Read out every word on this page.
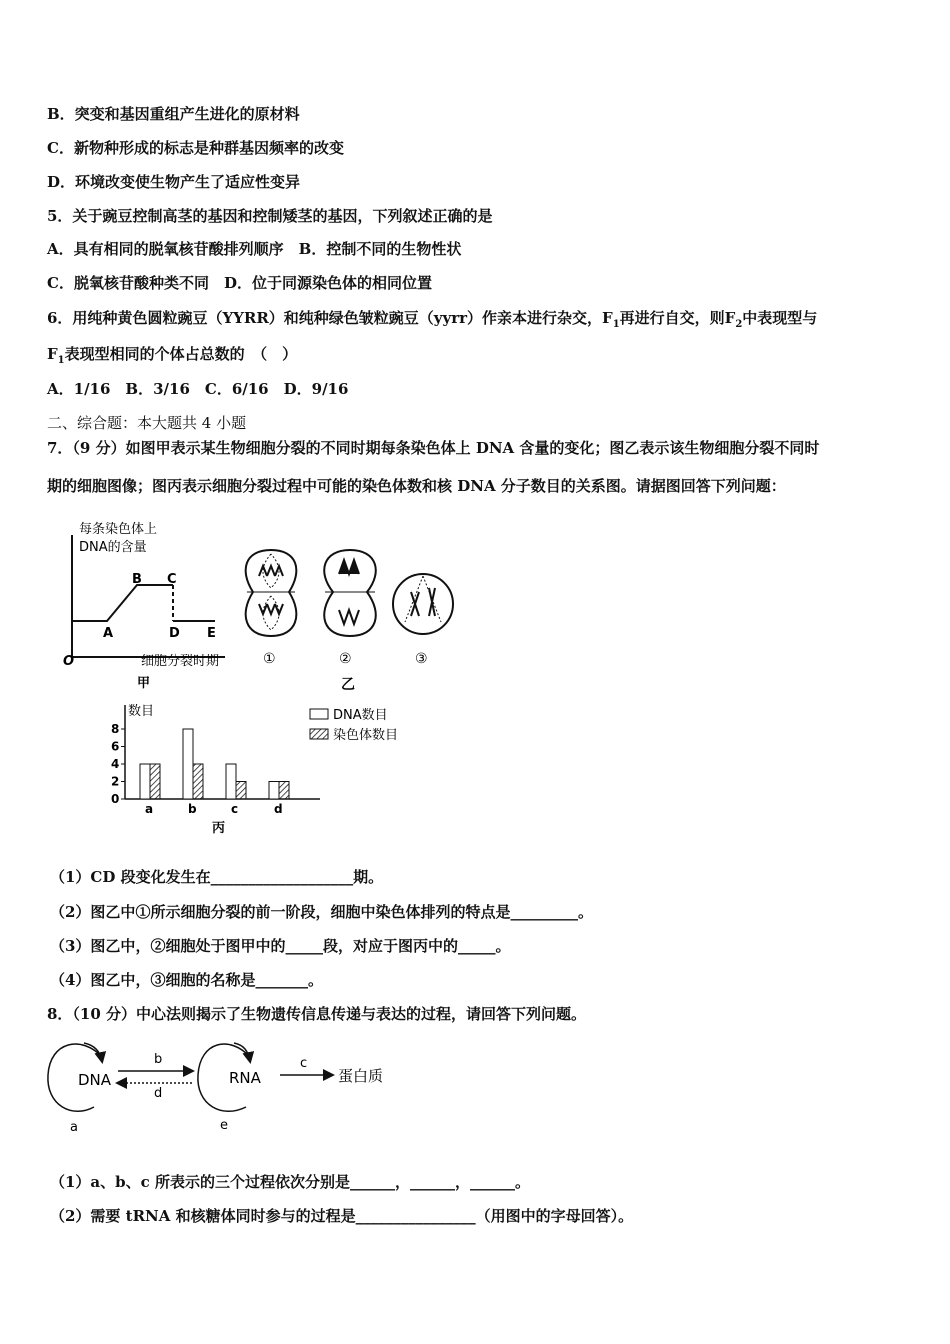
B．突变和基因重组产生进化的原材料
C．新物种形成的标志是种群基因频率的改变
D．环境改变使生物产生了适应性变异
5．关于豌豆控制高茎的基因和控制矮茎的基因，下列叙述正确的是
A．具有相同的脱氧核苷酸排列顺序　B．控制不同的生物性状
C．脱氧核苷酸种类不同　D．位于同源染色体的相同位置
6．用纯种黄色圆粒豌豆（YYRR）和纯种绿色皱粒豌豆（yyrr）作亲本进行杂交，$F_1$再进行自交，则$F_2$中表现型与
$F_1$表现型相同的个体占总数的　（　）
A．1/16　B．3/16　C．6/16　D．9/16
二、综合题：本大题共 4 小题
7．（9 分）如图甲表示某生物细胞分裂的不同时期每条染色体上 DNA 含量的变化；图乙表示该生物细胞分裂不同时
期的细胞图像；图丙表示细胞分裂过程中可能的染色体数和核 DNA 分子数目的关系图。请据图回答下列问题：
每条染色体上
DNA的含量
A
B C
D E
O	细胞分裂时期
甲
①	②	③
乙
数目
0
2
4
6
8
a	b	c	d
丙
DNA数目
染色体数目
（1）CD 段变化发生在___________________期。
（2）图乙中①所示细胞分裂的前一阶段，细胞中染色体排列的特点是_________。
（3）图乙中，②细胞处于图甲中的_____段，对应于图丙中的_____。
（4）图乙中，③细胞的名称是_______。
8．（10 分）中心法则揭示了生物遗传信息传递与表达的过程，请回答下列问题。
DNA
b
d
RNA
c
蛋白质
a	e
（1）a、b、c 所表示的三个过程依次分别是______，______，______。
（2）需要 tRNA 和核糖体同时参与的过程是________________（用图中的字母回答）。
